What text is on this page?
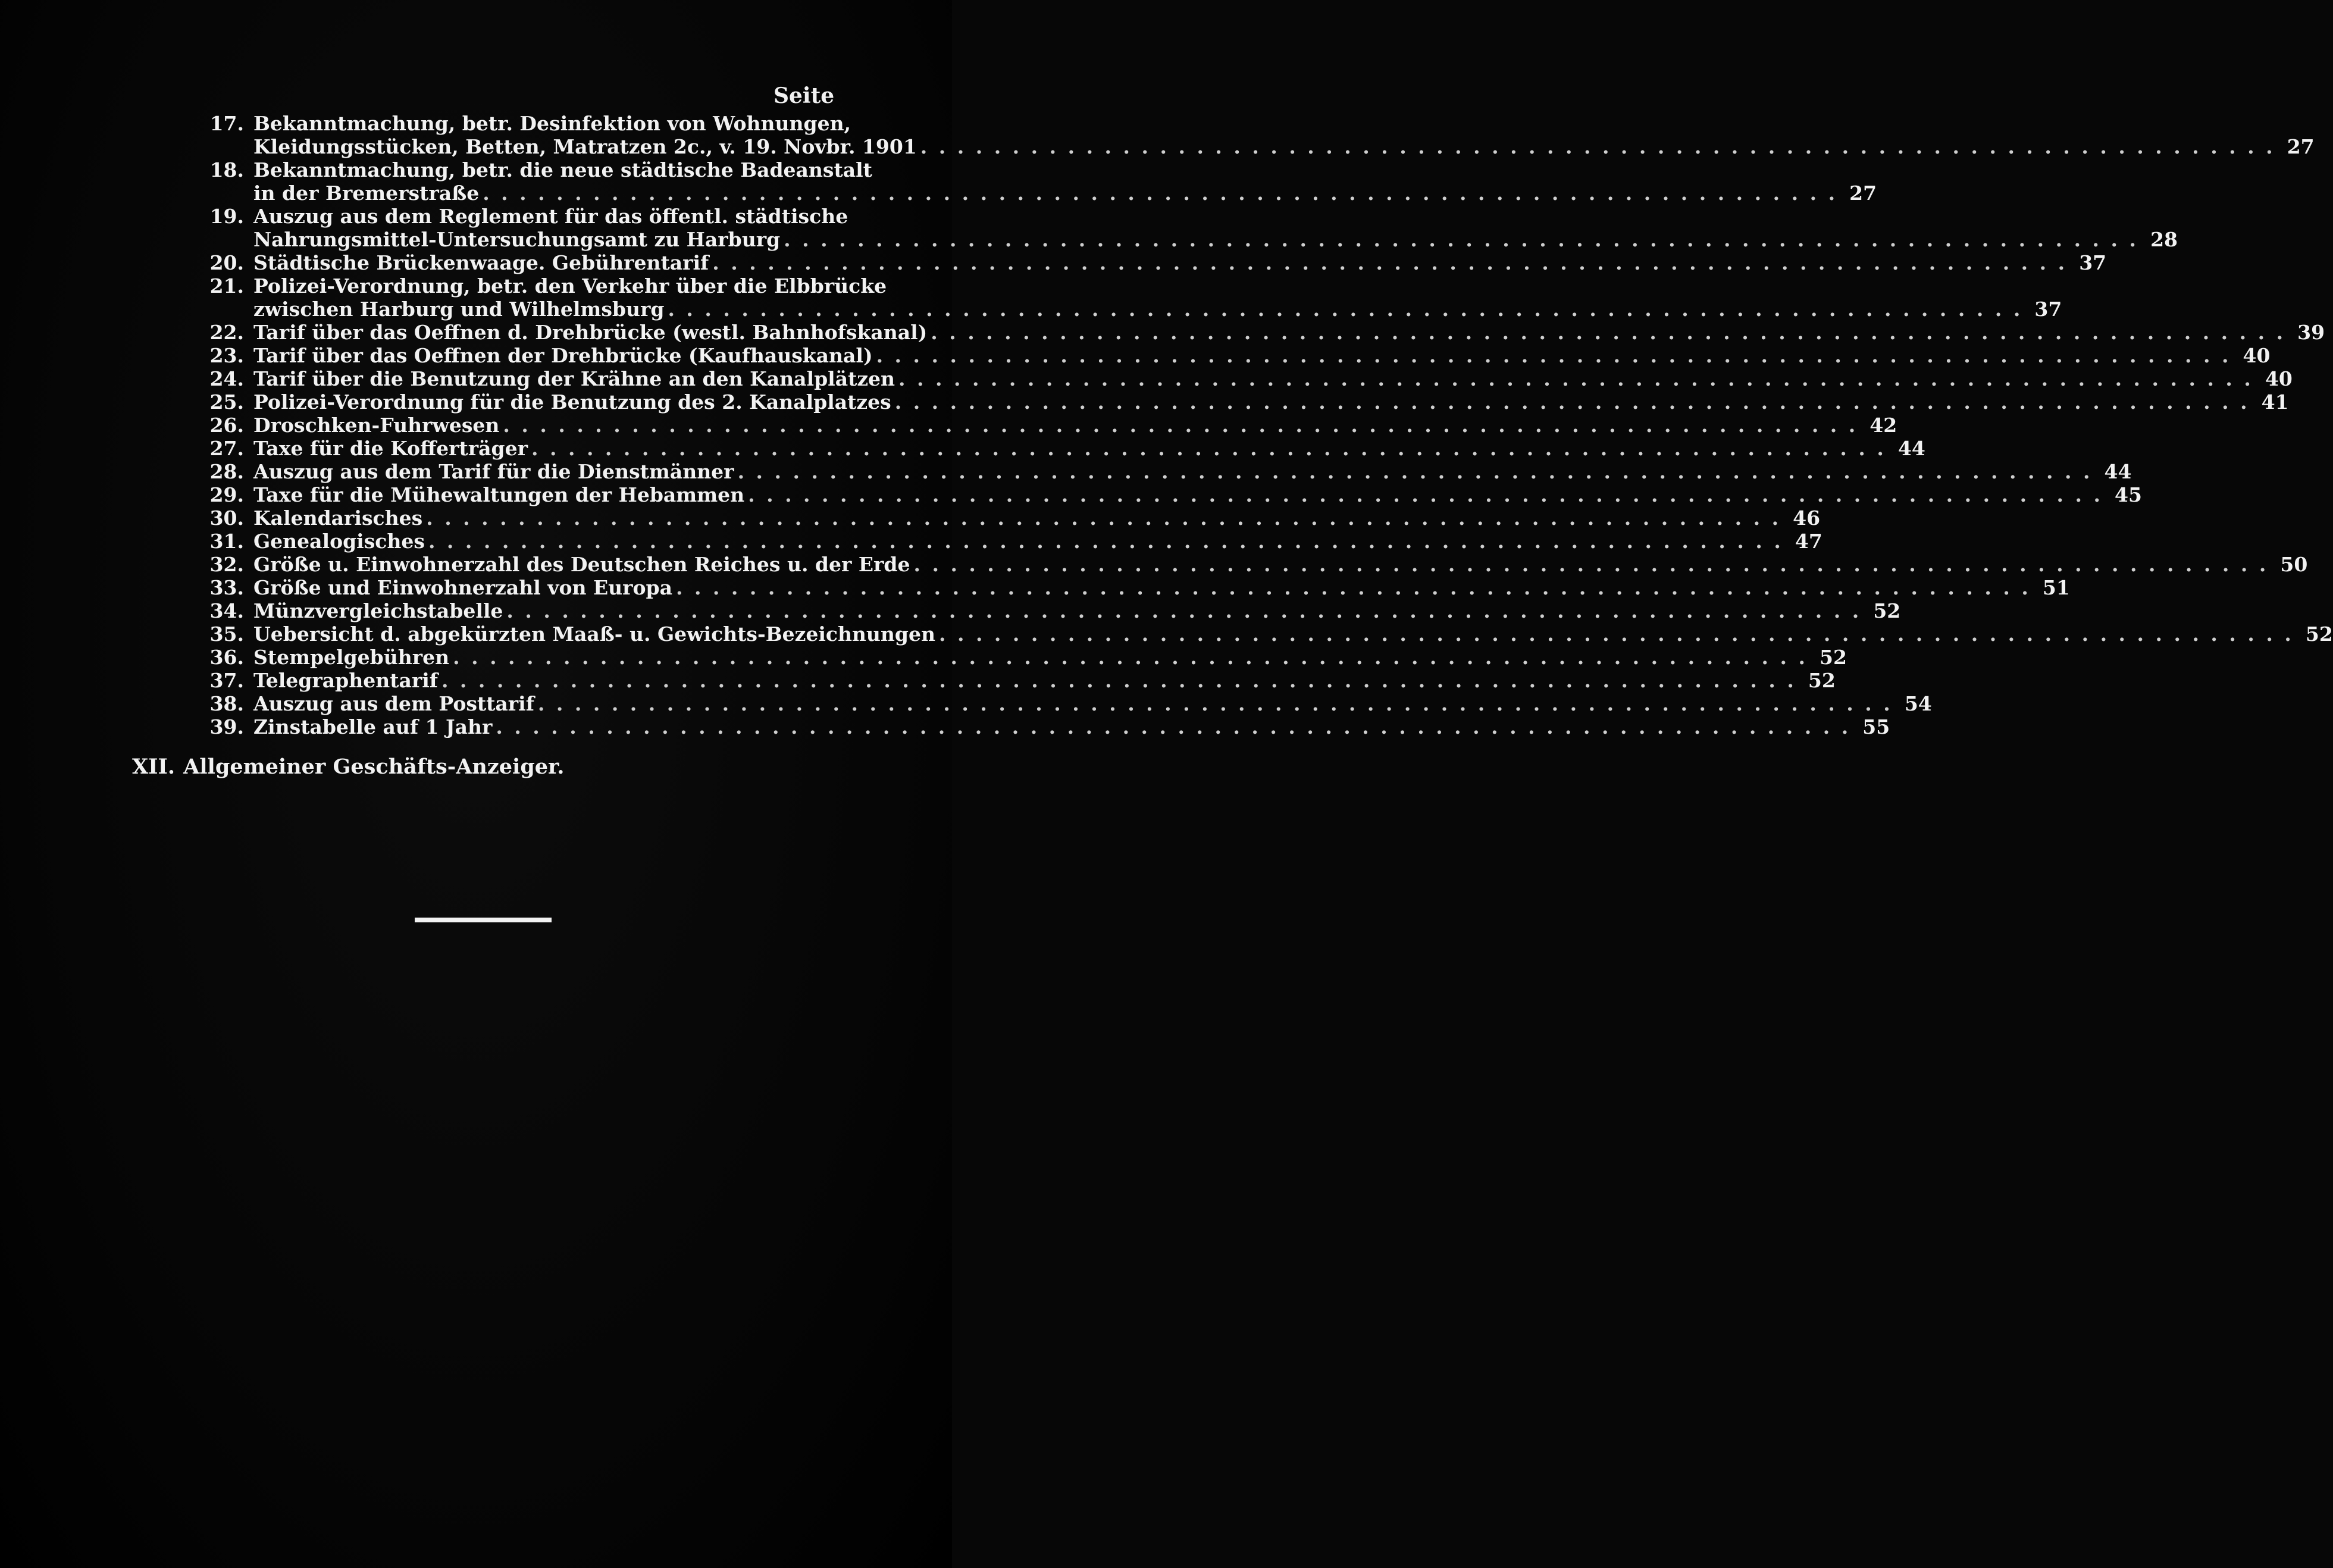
Seite
17. Bekanntmachung, betr. Desinfektion von Wohnungen,
Kleidungsstücken, Betten, Matratzen 2c., v. 19. Novbr. 1901 . . .	27
18. Bekanntmachung, betr. die neue städtische Badeanstalt
in der Bremerstraße . . .	27
19. Auszug aus dem Reglement für das öffentl. städtische
Nahrungsmittel-Untersuchungsamt zu Harburg . . .	28
20. Städtische Brückenwaage. Gebührentarif . . .	37
21. Polizei-Verordnung, betr. den Verkehr über die Elbbrücke
zwischen Harburg und Wilhelmsburg . . .	37
22. Tarif über das Oeffnen d. Drehbrücke (westl. Bahnhofskanal) . . .	39
23. Tarif über das Oeffnen der Drehbrücke (Kaufhauskanal) . . .	40
24. Tarif über die Benutzung der Krähne an den Kanalplätzen . . .	40
25. Polizei-Verordnung für die Benutzung des 2. Kanalplatzes . . .	41
26. Droschken-Fuhrwesen . . .	42
27. Taxe für die Kofferträger . . .	44
28. Auszug aus dem Tarif für die Dienstmänner . . .	44
29. Taxe für die Mühewaltungen der Hebammen . . .	45
30. Kalendarisches . . .	46
31. Genealogisches . . .	47
32. Größe u. Einwohnerzahl des Deutschen Reiches u. der Erde . . .	50
33. Größe und Einwohnerzahl von Europa . . .	51
34. Münzvergleichstabelle . . .	52
35. Uebersicht d. abgekürzten Maaß- u. Gewichts-Bezeichnungen . . .	52
36. Stempelgebühren . . .	52
37. Telegraphentarif . . .	52
38. Auszug aus dem Posttarif . . .	54
39. Zinstabelle auf 1 Jahr . . .	55
XII. Allgemeiner Geschäfts-Anzeiger.
